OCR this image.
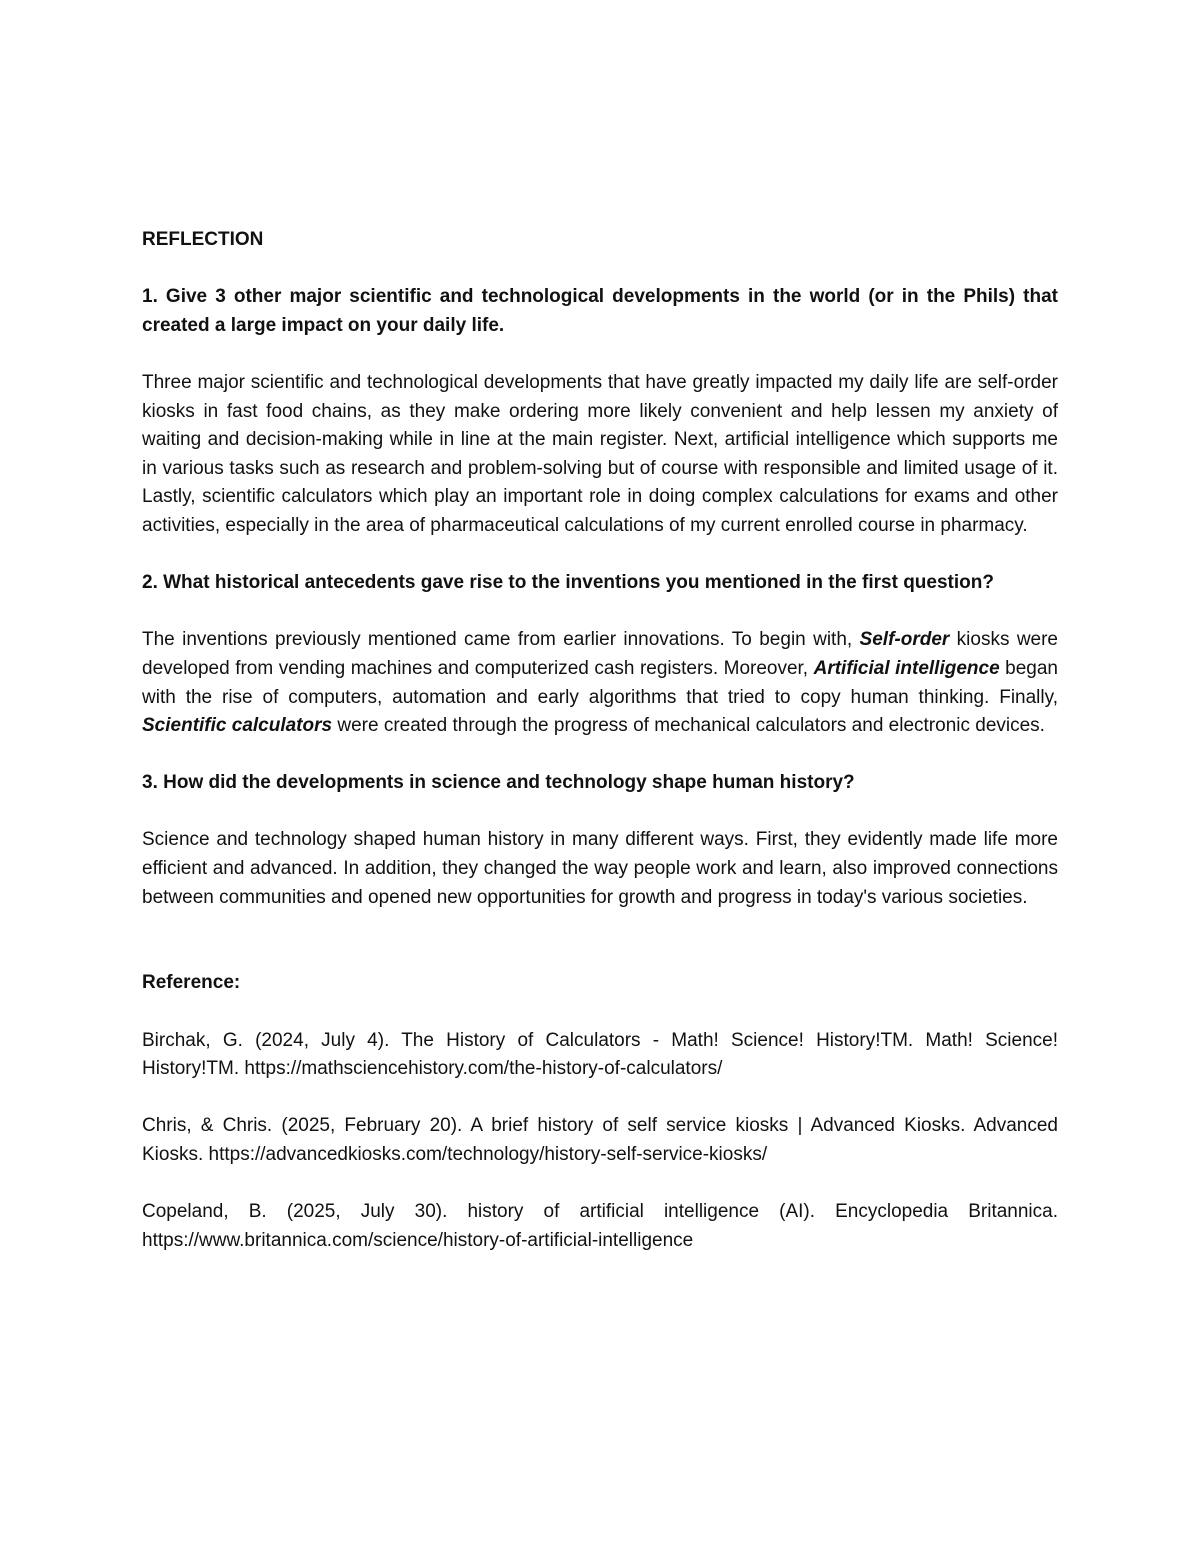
REFLECTION

1. Give 3 other major scientific and technological developments in the world (or in the Phils) that created a large impact on your daily life.

Three major scientific and technological developments that have greatly impacted my daily life are self-order kiosks in fast food chains, as they make ordering more likely convenient and help lessen my anxiety of waiting and decision-making while in line at the main register. Next, artificial intelligence which supports me in various tasks such as research and problem-solving but of course with responsible and limited usage of it. Lastly, scientific calculators which play an important role in doing complex calculations for exams and other activities, especially in the area of pharmaceutical calculations of my current enrolled course in pharmacy.

2. What historical antecedents gave rise to the inventions you mentioned in the first question?

The inventions previously mentioned came from earlier innovations. To begin with, Self-order kiosks were developed from vending machines and computerized cash registers. Moreover, Artificial intelligence began with the rise of computers, automation and early algorithms that tried to copy human thinking. Finally, Scientific calculators were created through the progress of mechanical calculators and electronic devices.

3. How did the developments in science and technology shape human history?

Science and technology shaped human history in many different ways. First, they evidently made life more efficient and advanced. In addition, they changed the way people work and learn, also improved connections between communities and opened new opportunities for growth and progress in today's various societies.

Reference:

Birchak, G. (2024, July 4). The History of Calculators - Math! Science! History!TM. Math! Science! History!TM. https://mathsciencehistory.com/the-history-of-calculators/

Chris, & Chris. (2025, February 20). A brief history of self service kiosks | Advanced Kiosks. Advanced Kiosks. https://advancedkiosks.com/technology/history-self-service-kiosks/

Copeland, B. (2025, July 30). history of artificial intelligence (AI). Encyclopedia Britannica. https://www.britannica.com/science/history-of-artificial-intelligence
